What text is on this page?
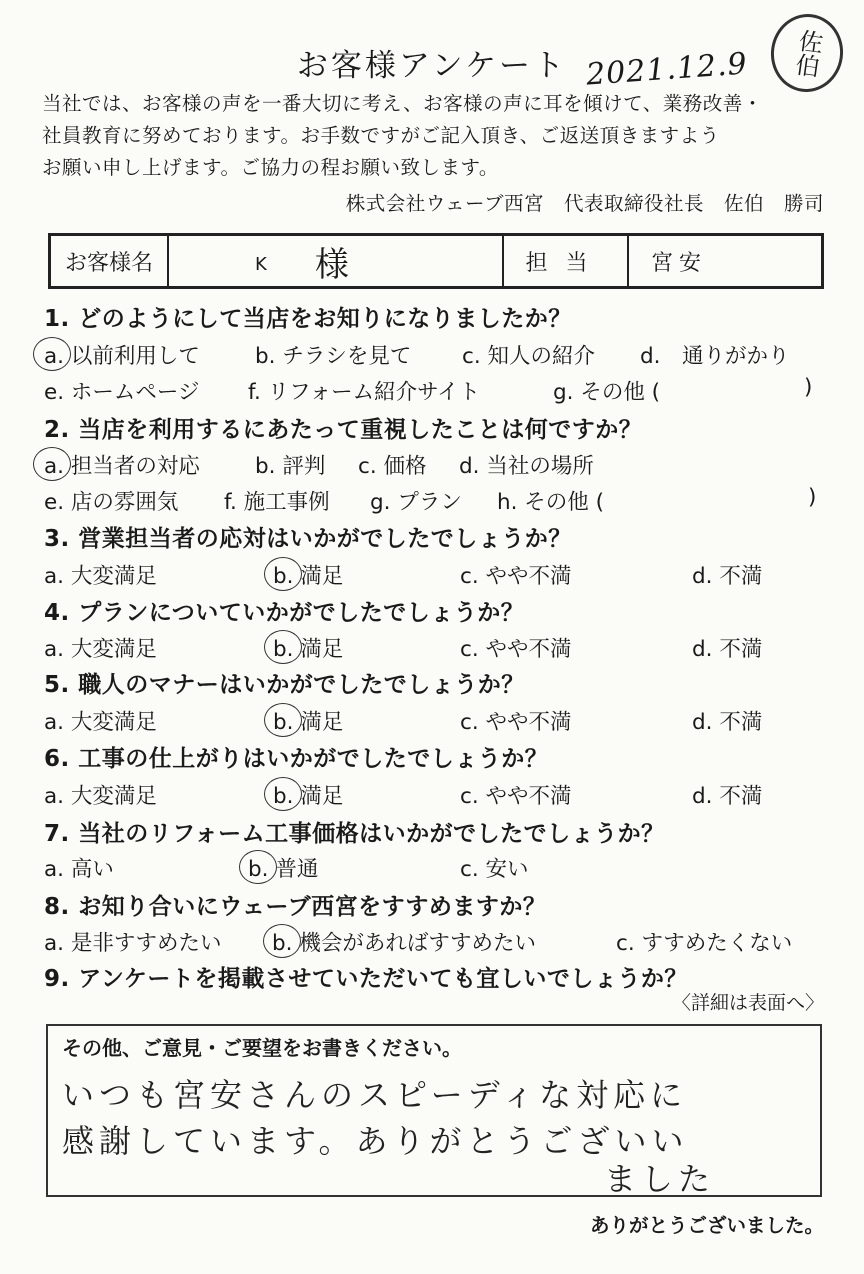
お客様アンケート 2021.12.9	佐伯
当社では、お客様の声を一番大切に考え、お客様の声に耳を傾けて、業務改善・
社員教育に努めております。お手数ですがご記入頂き、ご返送頂きますよう
お願い申し上げます。ご協力の程お願い致します。
株式会社ウェーブ西宮　代表取締役社長　佐伯　勝司
お客様名	K 様	担当	宮安
1. どのようにして当店をお知りになりましたか？
a. 以前利用して	b. チラシを見て c. 知人の紹介 d.　通りがかり
e. ホームページ f. リフォーム紹介サイト	g. その他 (	)
2. 当店を利用するにあたって重視したことは何ですか？
a. 担当者の対応	b. 評判 c. 価格 d. 当社の場所
e. 店の雰囲気 f. 施工事例 g. プラン h. その他 (	)
3. 営業担当者の応対はいかがでしたでしょうか？
a. 大変満足	b. 満足	c. やや不満	d. 不満
4. プランについていかがでしたでしょうか？
a. 大変満足	b. 満足	c. やや不満	d. 不満
5. 職人のマナーはいかがでしたでしょうか？
a. 大変満足	b. 満足	c. やや不満	d. 不満
6. 工事の仕上がりはいかがでしたでしょうか？
a. 大変満足	b. 満足	c. やや不満	d. 不満
7. 当社のリフォーム工事価格はいかがでしたでしょうか？
a. 高い	b. 普通	c. 安い
8. お知り合いにウェーブ西宮をすすめますか？
a. 是非すすめたい b. 機会があればすすめたい	c. すすめたくない
9. アンケートを掲載させていただいても宜しいでしょうか？
〈詳細は表面へ〉
その他、ご意見・ご要望をお書きください。
いつも宮安さんのスピーディな対応に
感謝しています。ありがとうございい
ました
ありがとうございました。
